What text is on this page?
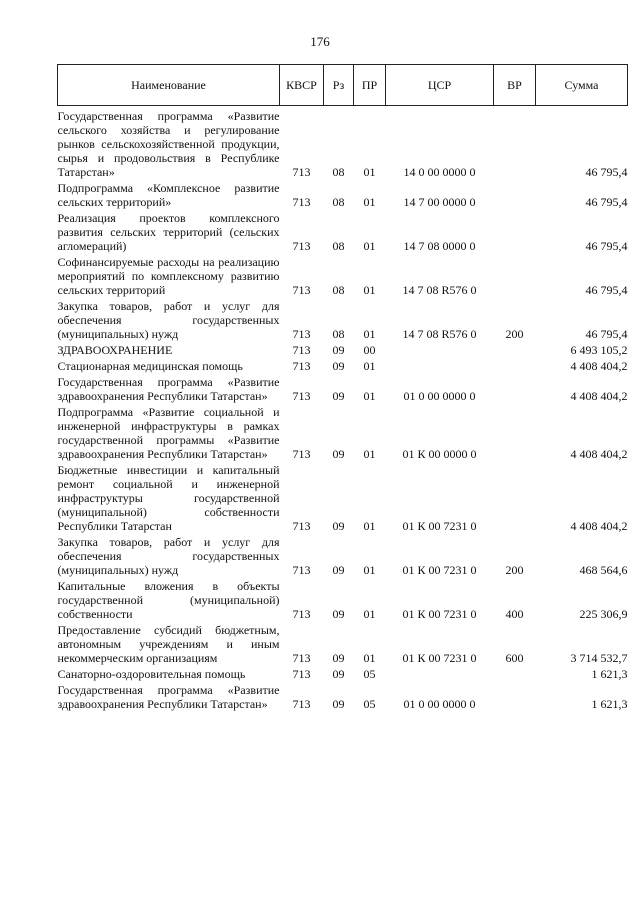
176
Наименование	КВСР	Рз	ПР	ЦСР	ВР	Сумма
Государственная программа «Развитие сельского хозяйства и регулирование рынков сельскохозяйственной продукции, сырья и продовольствия в Республике Татарстан»	713	08	01	14 0 00 0000 0		46 795,4
Подпрограмма «Комплексное развитие сельских территорий»	713	08	01	14 7 00 0000 0		46 795,4
Реализация проектов комплексного развития сельских территорий (сельских агломераций)	713	08	01	14 7 08 0000 0		46 795,4
Софинансируемые расходы на реализацию мероприятий по комплексному развитию сельских территорий	713	08	01	14 7 08 R576 0		46 795,4
Закупка товаров, работ и услуг для обеспечения государственных (муниципальных) нужд	713	08	01	14 7 08 R576 0	200	46 795,4
ЗДРАВООХРАНЕНИЕ	713	09	00			6 493 105,2
Стационарная медицинская помощь	713	09	01			4 408 404,2
Государственная программа «Развитие здравоохранения Республики Татарстан»	713	09	01	01 0 00 0000 0		4 408 404,2
Подпрограмма «Развитие социальной и инженерной инфраструктуры в рамках государственной программы «Развитие здравоохранения Республики Татарстан»	713	09	01	01 К 00 0000 0		4 408 404,2
Бюджетные инвестиции и капитальный ремонт социальной и инженерной инфраструктуры государственной (муниципальной) собственности Республики Татарстан	713	09	01	01 К 00 7231 0		4 408 404,2
Закупка товаров, работ и услуг для обеспечения государственных (муниципальных) нужд	713	09	01	01 К 00 7231 0	200	468 564,6
Капитальные вложения в объекты государственной (муниципальной) собственности	713	09	01	01 К 00 7231 0	400	225 306,9
Предоставление субсидий бюджетным, автономным учреждениям и иным некоммерческим организациям	713	09	01	01 К 00 7231 0	600	3 714 532,7
Санаторно-оздоровительная помощь	713	09	05			1 621,3
Государственная программа «Развитие здравоохранения Республики Татарстан»	713	09	05	01 0 00 0000 0		1 621,3
